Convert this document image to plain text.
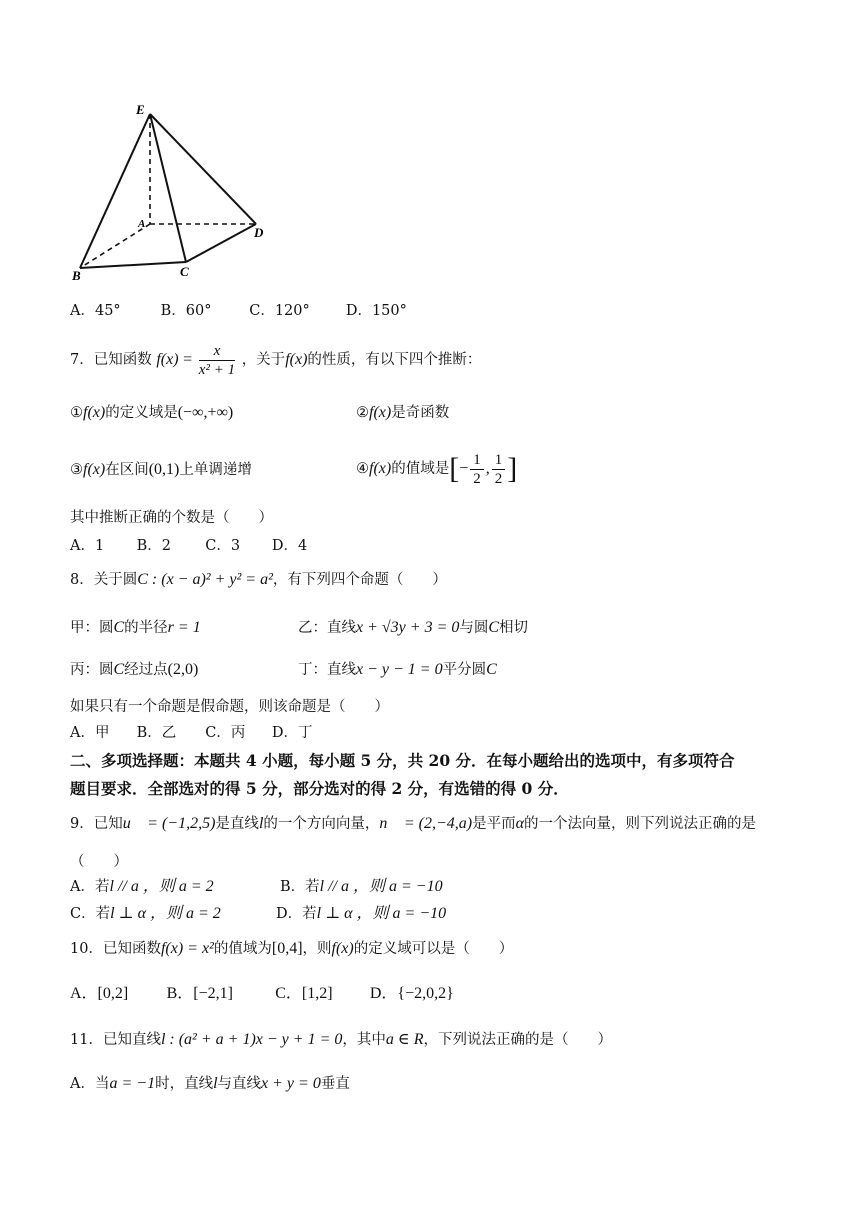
E
A
D
B	C
A．45°	B．60°	C．120° D．150°
7．已知函数 $f(x) = \frac{x}{\text{x² + 1}}$ ，关于f(x)的性质，有以下四个推断：
①f(x)的定义域是(−∞,+∞)	②f(x)是奇函数
③f(x)在区间(0,1)上单调递增	④f(x)的值域是[− $\frac{1}{2}$ , $\frac{1}{2}$ ]
其中推断正确的个数是（　　）
A．1 B．2 C．3 D．4
8．关于圆C : (x − a)² + y² = a²，有下列四个命题（　　）
甲：圆C的半径r = 1	乙：直线x + √3y + 3 = 0与圆C相切
丙：圆C经过点(2,0)	丁：直线x − y − 1 = 0平分圆C
如果只有一个命题是假命题，则该命题是（　　）
A．甲 B．乙 C．丙 D．丁
二、多项选择题：本题共 4 小题，每小题 5 分，共 20 分．在每小题给出的选项中，有多项符合
题目要求．全部选对的得 5 分，部分选对的得 2 分，有选错的得 0 分．
9．已知u⃗ = (−1,2,5)是直线l的一个方向向量，n⃗ = (2,−4,a)是平而α的一个法向量，则下列说法正确的是
（　　）
A．若l // a ，则 a = 2	B．若l // a ，则 a = −10
C．若l ⊥ α ，则 a = 2	D．若l ⊥ α ，则 a = −10
10．已知函数f(x) = x²的值域为[0,4]，则f(x)的定义域可以是（　　）
A．[0,2] B．[−2,1]	C．[1,2] D．{−2,0,2}
11．已知直线l : (a² + a + 1)x − y + 1 = 0，其中a ∈ R，下列说法正确的是（　　）
A．当a = −1时，直线l与直线x + y = 0垂直
